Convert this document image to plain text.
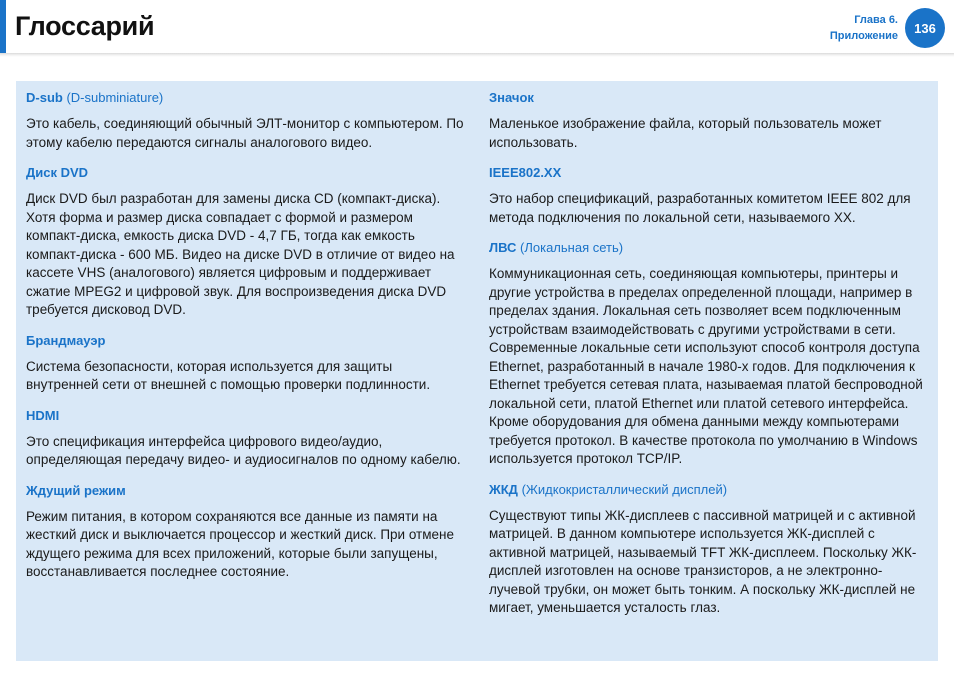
Глоссарий	Глава 6.
Приложение
136

D-sub (D-subminiature)

Это кабель, соединяющий обычный ЭЛТ-монитор с компьютером. По этому кабелю передаются сигналы аналогового видео.

Диск DVD

Диск DVD был разработан для замены диска CD (компакт-диска). Хотя форма и размер диска совпадает с формой и размером компакт-диска, емкость диска DVD - 4,7 ГБ, тогда как емкость компакт-диска - 600 МБ. Видео на диске DVD в отличие от видео на кассете VHS (аналогового) является цифровым и поддерживает сжатие MPEG2 и цифровой звук. Для воспроизведения диска DVD требуется дисковод DVD.

Брандмауэр

Система безопасности, которая используется для защиты внутренней сети от внешней с помощью проверки подлинности.

HDMI

Это спецификация интерфейса цифрового видео/аудио, определяющая передачу видео- и аудиосигналов по одному кабелю.

Ждущий режим

Режим питания, в котором сохраняются все данные из памяти на жесткий диск и выключается процессор и жесткий диск. При отмене ждущего режима для всех приложений, которые были запущены, восстанавливается последнее состояние.

Значок

Маленькое изображение файла, который пользователь может использовать.

IEEE802.XX

Это набор спецификаций, разработанных комитетом IEEE 802 для метода подключения по локальной сети, называемого XX.

ЛВС (Локальная сеть)

Коммуникационная сеть, соединяющая компьютеры, принтеры и другие устройства в пределах определенной площади, например в пределах здания. Локальная сеть позволяет всем подключенным устройствам взаимодействовать с другими устройствами в сети. Современные локальные сети используют способ контроля доступа Ethernet, разработанный в начале 1980-х годов. Для подключения к Ethernet требуется сетевая плата, называемая платой беспроводной локальной сети, платой Ethernet или платой сетевого интерфейса. Кроме оборудования для обмена данными между компьютерами требуется протокол. В качестве протокола по умолчанию в Windows используется протокол TCP/IP.

ЖКД (Жидкокристаллический дисплей)

Существуют типы ЖК-дисплеев с пассивной матрицей и с активной матрицей. В данном компьютере используется ЖК-дисплей с активной матрицей, называемый TFT ЖК-дисплеем. Поскольку ЖК-дисплей изготовлен на основе транзисторов, а не электронно-лучевой трубки, он может быть тонким. А поскольку ЖК-дисплей не мигает, уменьшается усталость глаз.
